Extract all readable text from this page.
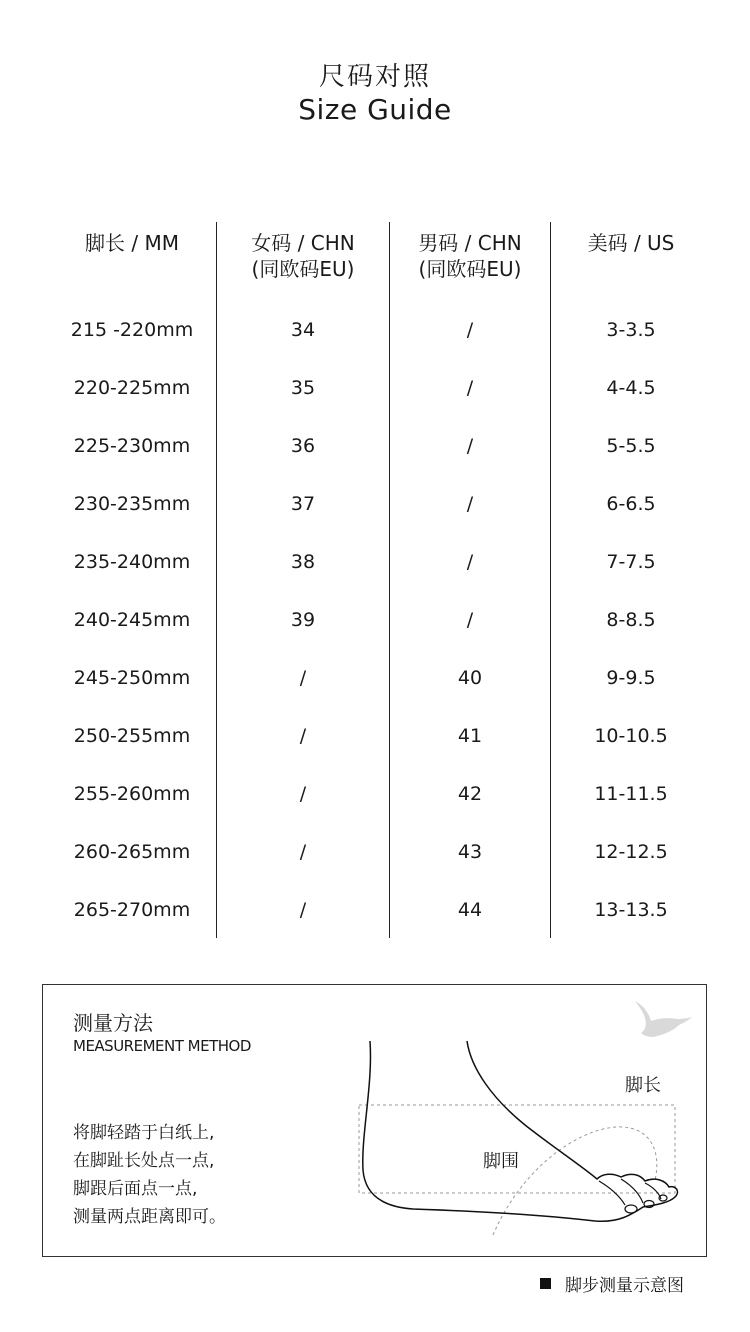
尺码对照
Size Guide
脚长 / MM
215 -220mm
220-225mm
225-230mm
230-235mm
235-240mm
240-245mm
245-250mm
250-255mm
255-260mm
260-265mm
265-270mm
女码 / CHN
(同欧码EU)
34
35
36
37
38
39
/
/
/
/
/
男码 / CHN
(同欧码EU)
/
/
/
/
/
/
40
41
42
43
44
美码 / US
3-3.5
4-4.5
5-5.5
6-6.5
7-7.5
8-8.5
9-9.5
10-10.5
11-11.5
12-12.5
13-13.5
测量方法
MEASUREMENT METHOD
将脚轻踏于白纸上,
在脚趾长处点一点,
脚跟后面点一点,
测量两点距离即可。
脚长
脚围
脚步测量示意图
